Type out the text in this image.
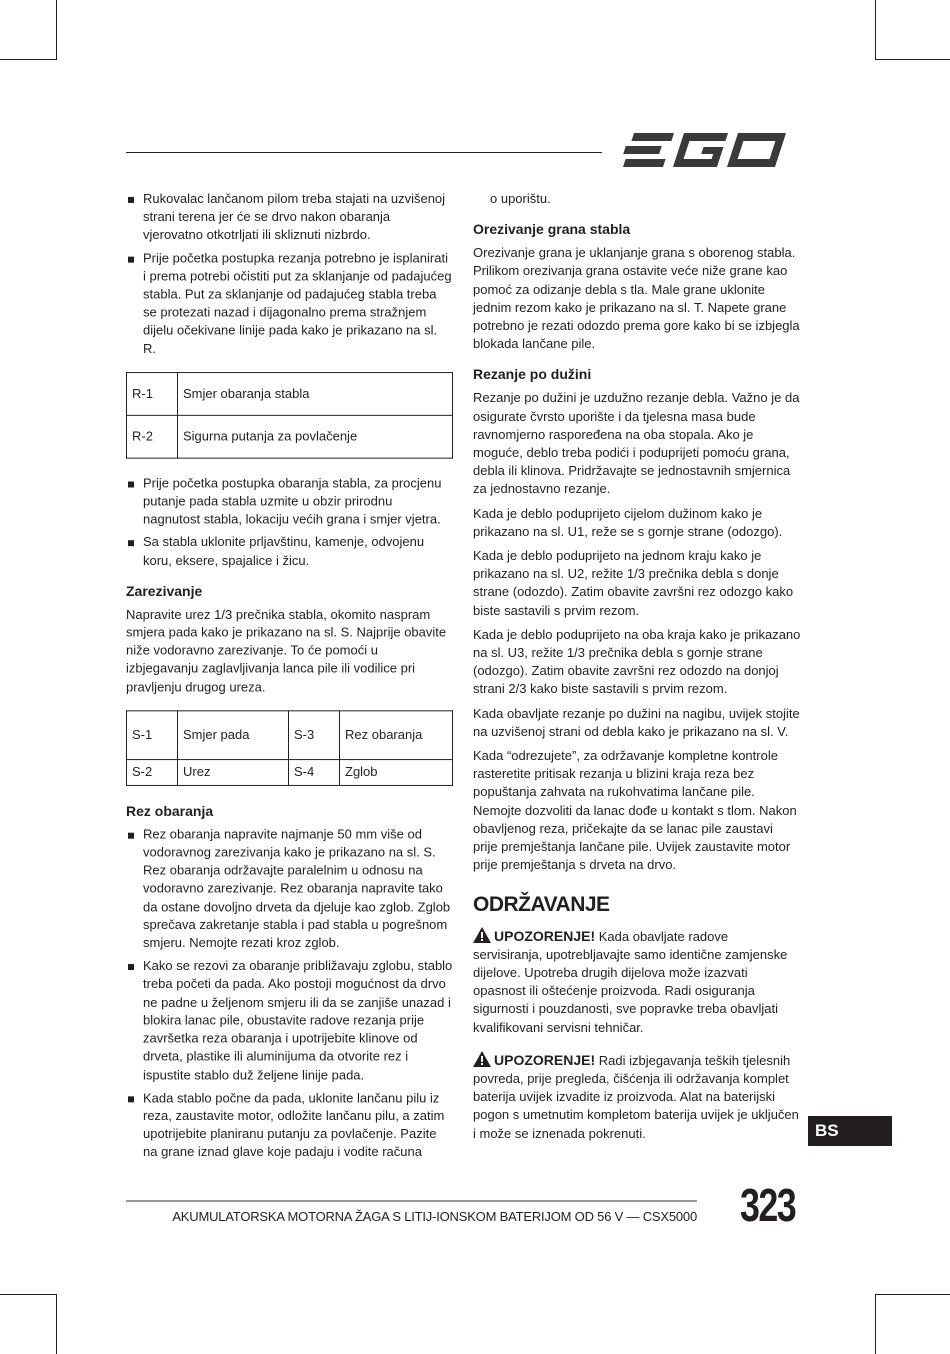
Rukovalac lančanom pilom treba stajati na uzvišenoj strani terena jer će se drvo nakon obaranja vjerovatno otkotrljati ili skliznuti nizbrdo.
Prije početka postupka rezanja potrebno je isplanirati i prema potrebi očistiti put za sklanjanje od padajućeg stabla. Put za sklanjanje od padajućeg stabla treba se protezati nazad i dijagonalno prema stražnjem dijelu očekivane linije pada kako je prikazano na sl. R.
R-1	Smjer obaranja stabla
R-2	Sigurna putanja za povlačenje
Prije početka postupka obaranja stabla, za procjenu putanje pada stabla uzmite u obzir prirodnu nagnutost stabla, lokaciju većih grana i smjer vjetra.
Sa stabla uklonite prljavštinu, kamenje, odvojenu koru, eksere, spajalice i žicu.
Zarezivanje

Napravite urez 1/3 prečnika stabla, okomito naspram smjera pada kako je prikazano na sl. S. Najprije obavite niže vodoravno zarezivanje. To će pomoći u izbjegavanju zaglavljivanja lanca pile ili vodilice pri pravljenju drugog ureza.

S-1	Smjer pada	S-3	Rez obaranja
S-2	Urez	S-4	Zglob
Rez obaranja
Rez obaranja napravite najmanje 50 mm više od vodoravnog zarezivanja kako je prikazano na sl. S. Rez obaranja održavajte paralelnim u odnosu na vodoravno zarezivanje. Rez obaranja napravite tako da ostane dovoljno drveta da djeluje kao zglob. Zglob sprečava zakretanje stabla i pad stabla u pogrešnom smjeru. Nemojte rezati kroz zglob.
Kako se rezovi za obaranje približavaju zglobu, stablo treba početi da pada. Ako postoji mogućnost da drvo ne padne u željenom smjeru ili da se zanjiše unazad i blokira lanac pile, obustavite radove rezanja prije završetka reza obaranja i upotrijebite klinove od drveta, plastike ili aluminijuma da otvorite rez i ispustite stablo duž željene linije pada.
Kada stablo počne da pada, uklonite lančanu pilu iz reza, zaustavite motor, odložite lančanu pilu, a zatim upotrijebite planiranu putanju za povlačenje. Pazite na grane iznad glave koje padaju i vodite računa

o uporištu.

Orezivanje grana stabla

Orezivanje grana je uklanjanje grana s oborenog stabla. Prilikom orezivanja grana ostavite veće niže grane kao pomoć za odizanje debla s tla. Male grane uklonite jednim rezom kako je prikazano na sl. T. Napete grane potrebno je rezati odozdo prema gore kako bi se izbjegla blokada lančane pile.

Rezanje po dužini

Rezanje po dužini je uzdužno rezanje debla. Važno je da osigurate čvrsto uporište i da tjelesna masa bude ravnomjerno raspoređena na oba stopala. Ako je moguće, deblo treba podići i poduprijeti pomoću grana, debla ili klinova. Pridržavajte se jednostavnih smjernica za jednostavno rezanje.

Kada je deblo poduprijeto cijelom dužinom kako je prikazano na sl. U1, reže se s gornje strane (odozgo).

Kada je deblo poduprijeto na jednom kraju kako je prikazano na sl. U2, režite 1/3 prečnika debla s donje strane (odozdo). Zatim obavite završni rez odozgo kako biste sastavili s prvim rezom.

Kada je deblo poduprijeto na oba kraja kako je prikazano na sl. U3, režite 1/3 prečnika debla s gornje strane (odozgo). Zatim obavite završni rez odozdo na donjoj strani 2/3 kako biste sastavili s prvim rezom.

Kada obavljate rezanje po dužini na nagibu, uvijek stojite na uzvišenoj strani od debla kako je prikazano na sl. V.

Kada “odrezujete”, za održavanje kompletne kontrole rasteretite pritisak rezanja u blizini kraja reza bez popuštanja zahvata na rukohvatima lančane pile. Nemojte dozvoliti da lanac dođe u kontakt s tlom. Nakon obavljenog reza, pričekajte da se lanac pile zaustavi prije premještanja lančane pile. Uvijek zaustavite motor prije premještanja s drveta na drvo.

ODRŽAVANJE

UPOZORENJE! Kada obavljate radove servisiranja, upotrebljavajte samo identične zamjenske dijelove. Upotreba drugih dijelova može izazvati opasnost ili oštećenje proizvoda. Radi osiguranja sigurnosti i pouzdanosti, sve popravke treba obavljati kvalifikovani servisni tehničar.

UPOZORENJE! Radi izbjegavanja teških tjelesnih povreda, prije pregleda, čišćenja ili održavanja komplet baterija uvijek izvadite iz proizvoda. Alat na baterijski pogon s umetnutim kompletom baterija uvijek je uključen i može se iznenada pokrenuti.	BS
AKUMULATORSKA MOTORNA ŽAGA S LITIJ-IONSKOM BATERIJOM OD 56 V — CSX5000 323
